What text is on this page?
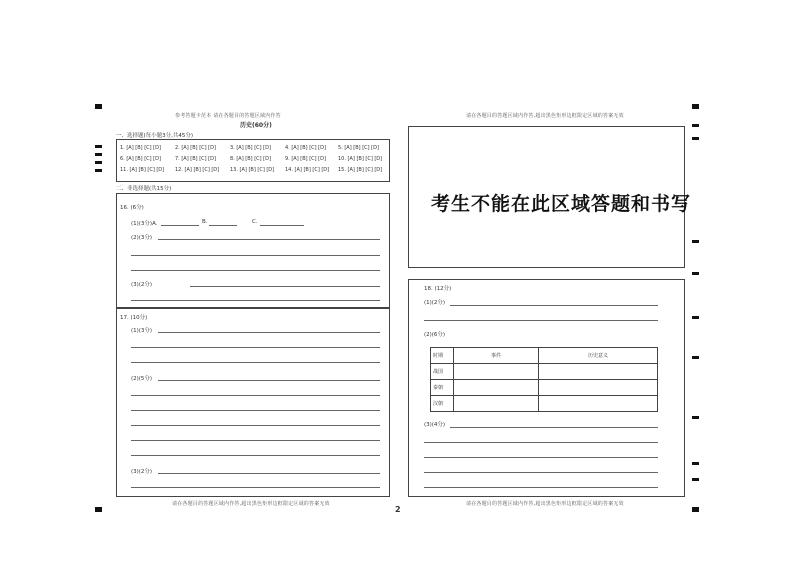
参考答题卡范本 请在各题目的答题区域内作答
历史(60分)
一、选择题(每小题3分,共45分)
1. [A] [B] [C] [D]	2. [A] [B] [C] [D]	3. [A] [B] [C] [D]	4. [A] [B] [C] [D] 5. [A] [B] [C] [D]
6. [A] [B] [C] [D]	7. [A] [B] [C] [D]	8. [A] [B] [C] [D]	9. [A] [B] [C] [D] 10. [A] [B] [C] [D]
11. [A] [B] [C] [D] 12. [A] [B] [C] [D] 13. [A] [B] [C] [D] 14. [A] [B] [C] [D] 15. [A] [B] [C] [D]
二、非选择题(共15分)
16. (6分)
(1)(3分)A.	B.	C.
(2)(3分)
(3)(2分)
17. (10分)
(1)(3分)
(2)(5分)
(3)(2分)
请在各题目的答题区域内作答,超出黑色矩形边框限定区域的答案无效
2
请在各题目的答题区域内作答,超出黑色矩形边框限定区域的答案无效
考生不能在此区域答题和书写
18. (12分)
(1)(2分)
(2)(6分)
时期	事件	历史意义
战国		
秦朝		
汉朝		
(3)(4分)
请在各题目的答题区域内作答,超出黑色矩形边框限定区域的答案无效
